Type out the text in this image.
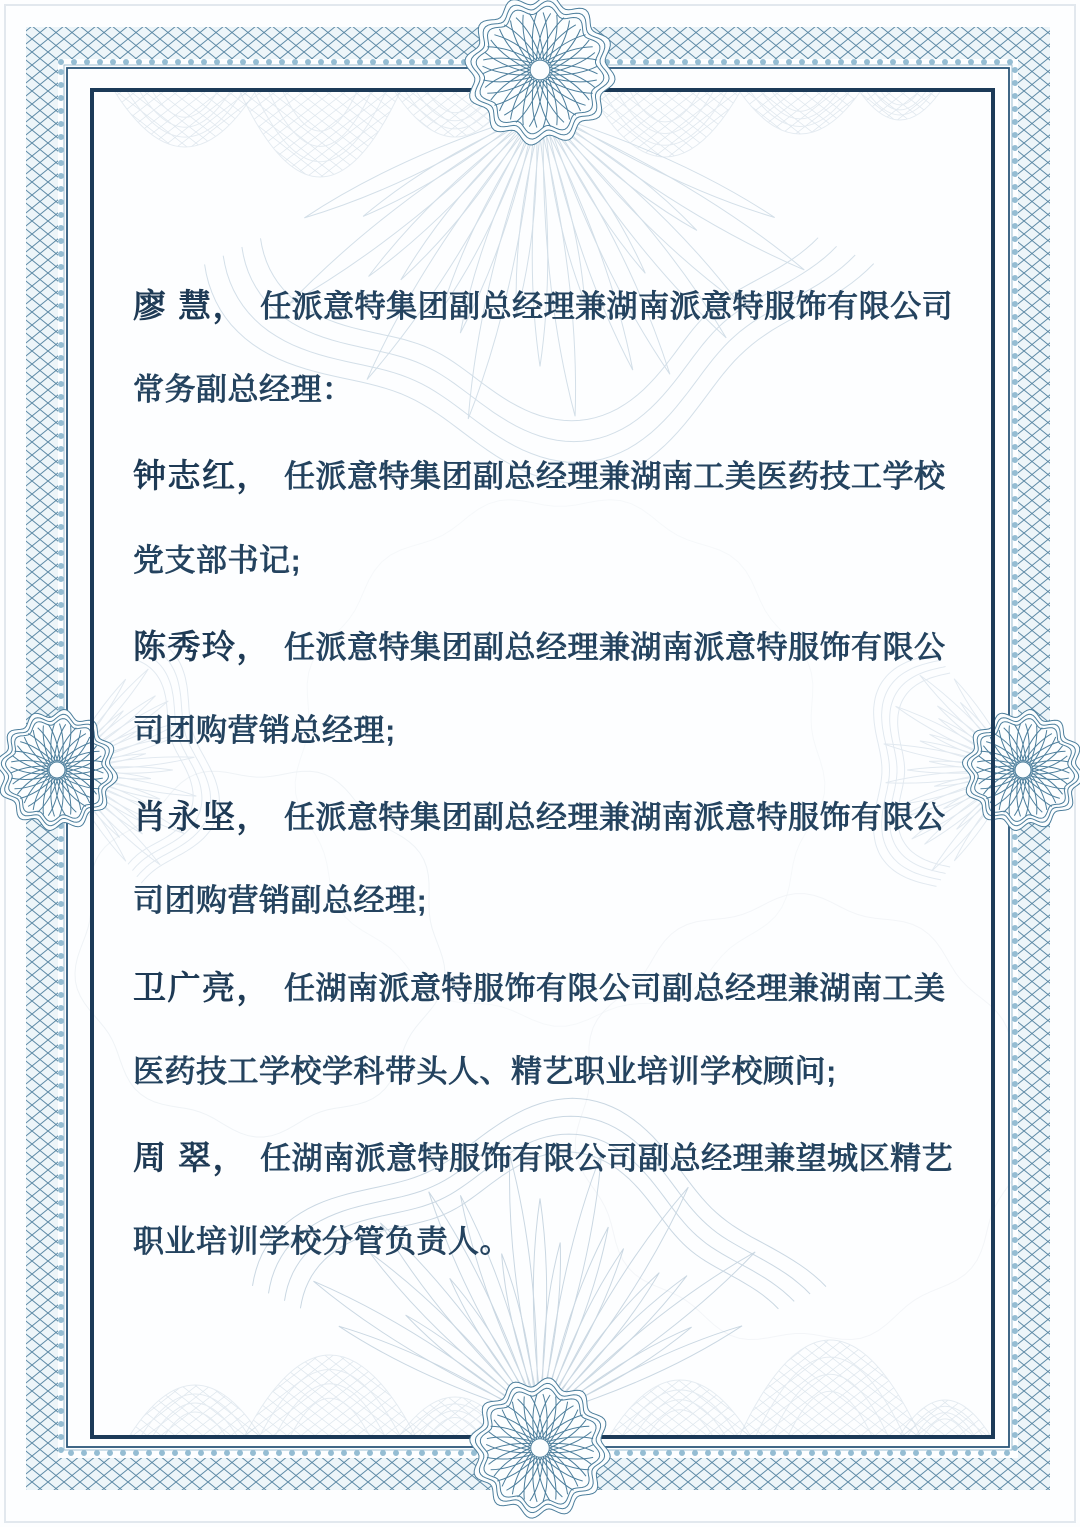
廖 慧， 任派意特集团副总经理兼湖南派意特服饰有限公司
常务副总经理：
钟志红， 任派意特集团副总经理兼湖南工美医药技工学校
党支部书记;
陈秀玲， 任派意特集团副总经理兼湖南派意特服饰有限公
司团购营销总经理;
肖永坚， 任派意特集团副总经理兼湖南派意特服饰有限公
司团购营销副总经理;
卫广亮， 任湖南派意特服饰有限公司副总经理兼湖南工美
医药技工学校学科带头人、精艺职业培训学校顾问;
周 翠， 任湖南派意特服饰有限公司副总经理兼望城区精艺
职业培训学校分管负责人。
